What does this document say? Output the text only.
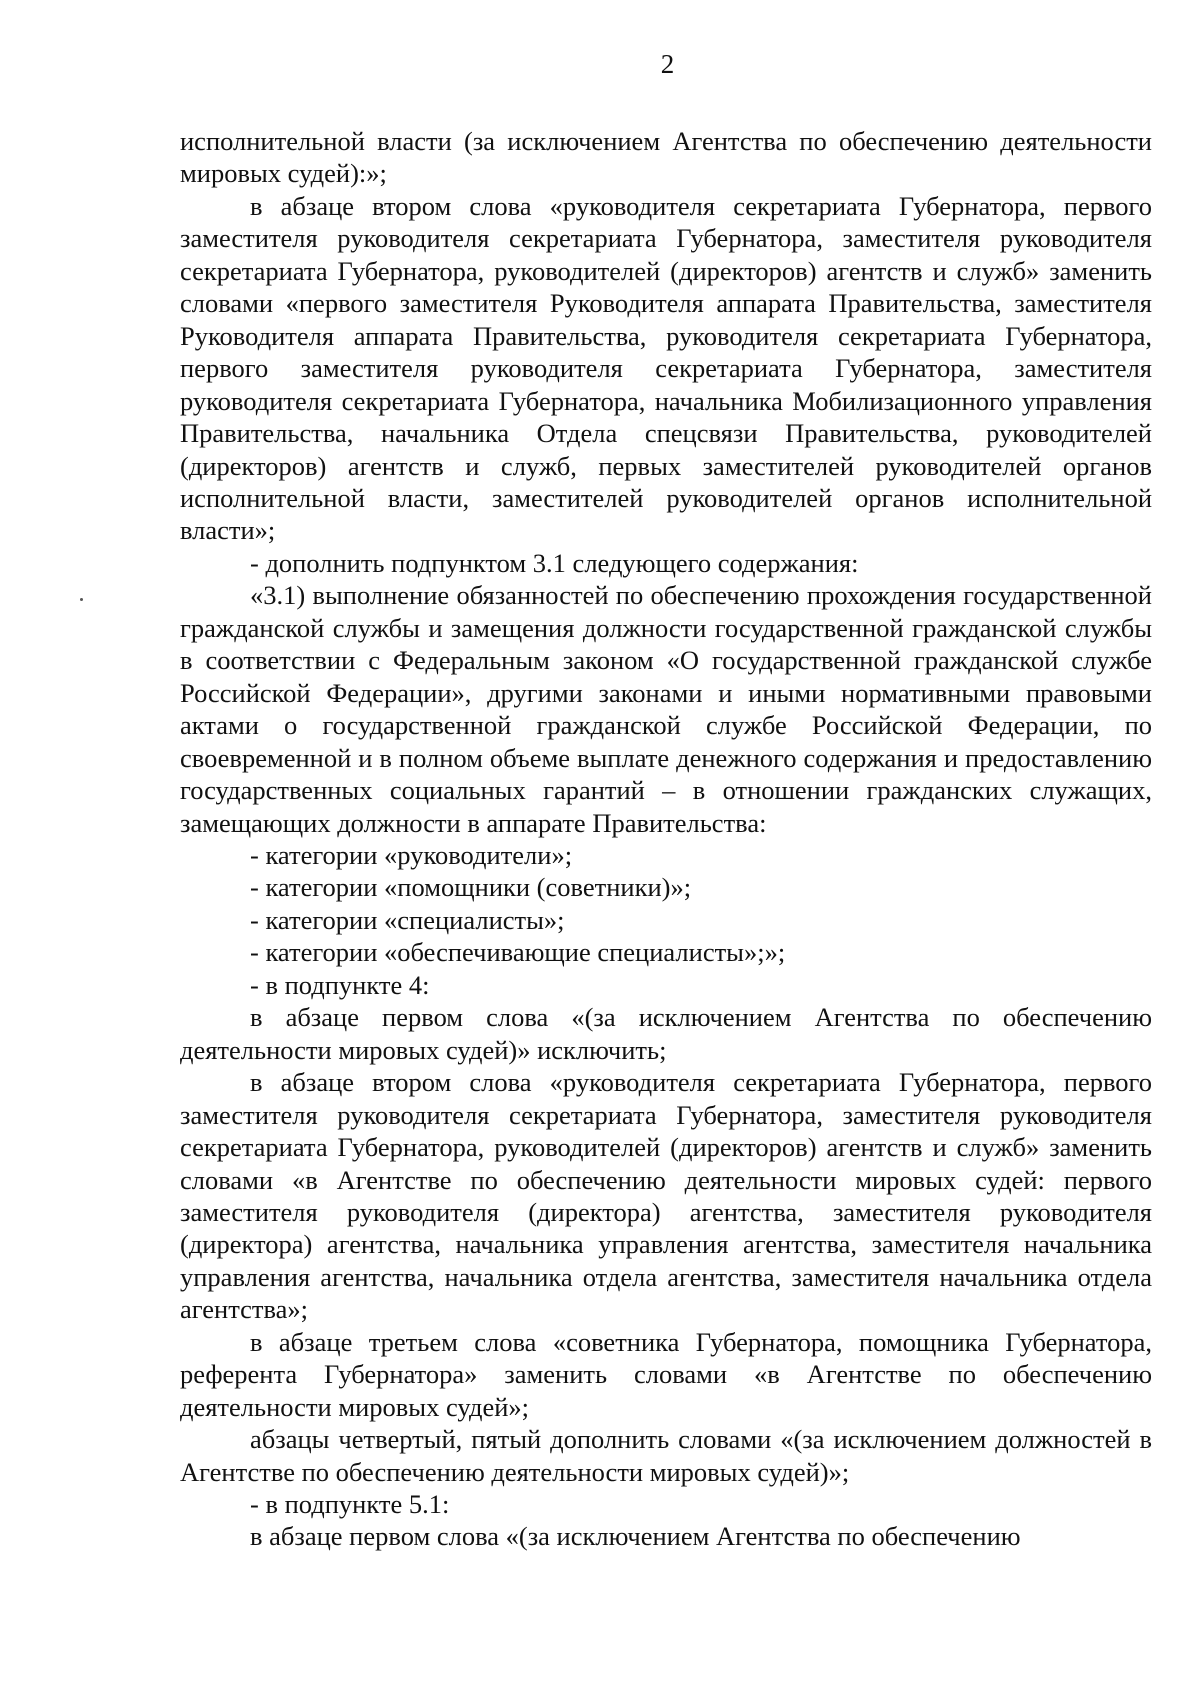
2

исполнительной власти (за исключением Агентства по обеспечению деятельности мировых судей):»;

в абзаце втором слова «руководителя секретариата Губернатора, первого заместителя руководителя секретариата Губернатора, заместителя руководителя секретариата Губернатора, руководителей (директоров) агентств и служб» заменить словами «первого заместителя Руководителя аппарата Правительства, заместителя Руководителя аппарата Правительства, руководителя секретариата Губернатора, первого заместителя руководителя секретариата Губернатора, заместителя руководителя секретариата Губернатора, начальника Мобилизационного управления Правительства, начальника Отдела спецсвязи Правительства, руководителей (директоров) агентств и служб, первых заместителей руководителей органов исполнительной власти, заместителей руководителей органов исполнительной власти»;

- дополнить подпунктом 3.1 следующего содержания:

«3.1) выполнение обязанностей по обеспечению прохождения государственной гражданской службы и замещения должности государственной гражданской службы в соответствии с Федеральным законом «О государственной гражданской службе Российской Федерации», другими законами и иными нормативными правовыми актами о государственной гражданской службе Российской Федерации, по своевременной и в полном объеме выплате денежного содержания и предоставлению государственных социальных гарантий – в отношении гражданских служащих, замещающих должности в аппарате Правительства:

- категории «руководители»;

- категории «помощники (советники)»;

- категории «специалисты»;

- категории «обеспечивающие специалисты»;»;

- в подпункте 4:

в абзаце первом слова «(за исключением Агентства по обеспечению деятельности мировых судей)» исключить;

в абзаце втором слова «руководителя секретариата Губернатора, первого заместителя руководителя секретариата Губернатора, заместителя руководителя секретариата Губернатора, руководителей (директоров) агентств и служб» заменить словами «в Агентстве по обеспечению деятельности мировых судей: первого заместителя руководителя (директора) агентства, заместителя руководителя (директора) агентства, начальника управления агентства, заместителя начальника управления агентства, начальника отдела агентства, заместителя начальника отдела агентства»;

в абзаце третьем слова «советника Губернатора, помощника Губернатора, референта Губернатора» заменить словами «в Агентстве по обеспечению деятельности мировых судей»;

абзацы четвертый, пятый дополнить словами «(за исключением должностей в Агентстве по обеспечению деятельности мировых судей)»;

- в подпункте 5.1:

в абзаце первом слова «(за исключением Агентства по обеспечению
